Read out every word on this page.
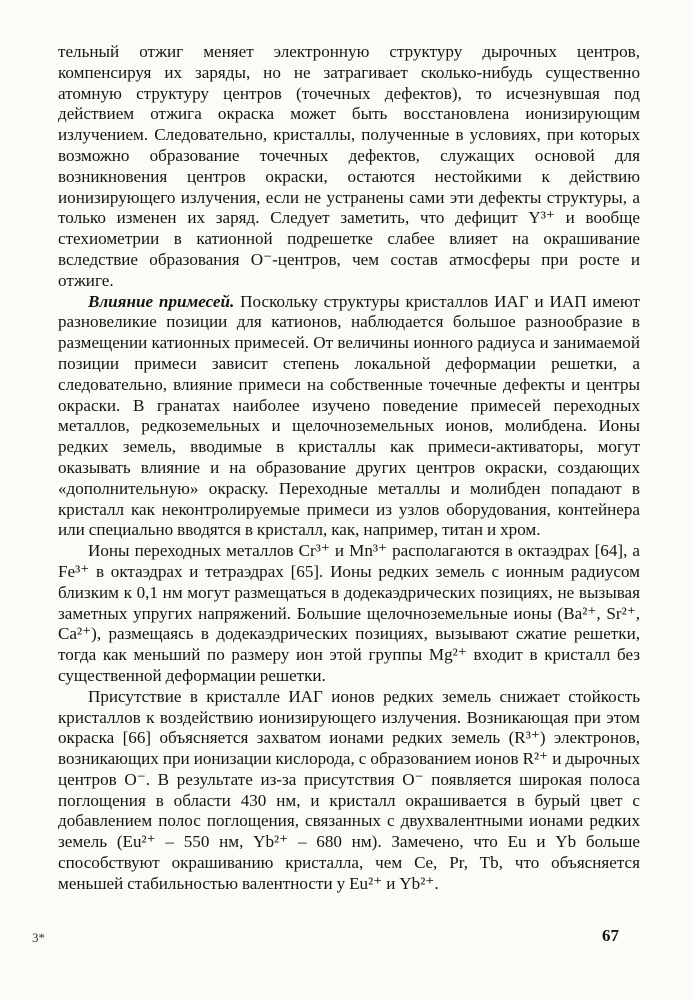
тельный отжиг меняет электронную структуру дырочных центров, компенсируя их заряды, но не затрагивает сколько-нибудь существенно атомную структуру центров (точечных дефектов), то исчезнувшая под действием отжига окраска может быть восстановлена ионизирующим излучением. Следовательно, кристаллы, полученные в условиях, при которых возможно образование точечных дефектов, служащих основой для возникновения центров окраски, остаются нестойкими к действию ионизирующего излучения, если не устранены сами эти дефекты структуры, а только изменен их заряд. Следует заметить, что дефицит Y³⁺ и вообще стехиометрии в катионной подрешетке слабее влияет на окрашивание вследствие образования O⁻-центров, чем состав атмосферы при росте и отжиге.

Влияние примесей. Поскольку структуры кристаллов ИАГ и ИАП имеют разновеликие позиции для катионов, наблюдается большое разнообразие в размещении катионных примесей. От величины ионного радиуса и занимаемой позиции примеси зависит степень локальной деформации решетки, а следовательно, влияние примеси на собственные точечные дефекты и центры окраски. В гранатах наиболее изучено поведение примесей переходных металлов, редкоземельных и щелочноземельных ионов, молибдена. Ионы редких земель, вводимые в кристаллы как примеси-активаторы, могут оказывать влияние и на образование других центров окраски, создающих «дополнительную» окраску. Переходные металлы и молибден попадают в кристалл как неконтролируемые примеси из узлов оборудования, контейнера или специально вводятся в кристалл, как, например, титан и хром.

Ионы переходных металлов Cr³⁺ и Mn³⁺ располагаются в октаэдрах [64], а Fe³⁺ в октаэдрах и тетраэдрах [65]. Ионы редких земель с ионным радиусом близким к 0,1 нм могут размещаться в додекаэдрических позициях, не вызывая заметных упругих напряжений. Большие щелочноземельные ионы (Ba²⁺, Sr²⁺, Ca²⁺), размещаясь в додекаэдрических позициях, вызывают сжатие решетки, тогда как меньший по размеру ион этой группы Mg²⁺ входит в кристалл без существенной деформации решетки.

Присутствие в кристалле ИАГ ионов редких земель снижает стойкость кристаллов к воздействию ионизирующего излучения. Возникающая при этом окраска [66] объясняется захватом ионами редких земель (R³⁺) электронов, возникающих при ионизации кислорода, с образованием ионов R²⁺ и дырочных центров O⁻. В результате из-за присутствия O⁻ появляется широкая полоса поглощения в области 430 нм, и кристалл окрашивается в бурый цвет с добавлением полос поглощения, связанных с двухвалентными ионами редких земель (Eu²⁺ – 550 нм, Yb²⁺ – 680 нм). Замечено, что Eu и Yb больше способствуют окрашиванию кристалла, чем Ce, Pr, Tb, что объясняется меньшей стабильностью валентности у Eu²⁺ и Yb²⁺.

3*	67
